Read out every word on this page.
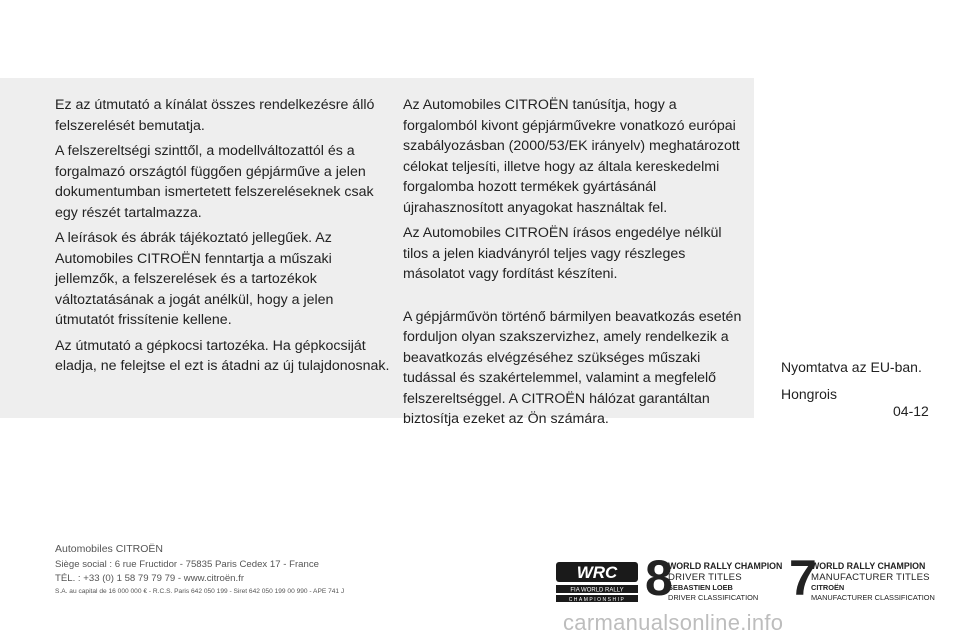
Ez az útmutató a kínálat összes rendelkezésre álló felszerelését bemutatja.

A felszereltségi szinttől, a modellváltozattól és a forgalmazó országtól függően gépjárműve a jelen dokumentumban ismertetett felszereléseknek csak egy részét tartalmazza.

A leírások és ábrák tájékoztató jellegűek. Az Automobiles CITROËN fenntartja a műszaki jellemzők, a felszerelések és a tartozékok változtatásának a jogát anélkül, hogy a jelen útmutatót frissítenie kellene.

Az útmutató a gépkocsi tartozéka. Ha gépkocsiját eladja, ne felejtse el ezt is átadni az új tulajdonosnak.

Az Automobiles CITROËN tanúsítja, hogy a forgalomból kivont gépjárművekre vonatkozó európai szabályozásban (2000/53/EK irányelv) meghatározott célokat teljesíti, illetve hogy az általa kereskedelmi forgalomba hozott termékek gyártásánál újrahasznosított anyagokat használtak fel.

Az Automobiles CITROËN írásos engedélye nélkül tilos a jelen kiadványról teljes vagy részleges másolatot vagy fordítást készíteni.

A gépjárművön történő bármilyen beavatkozás esetén forduljon olyan szakszervizhez, amely rendelkezik a beavatkozás elvégzéséhez szükséges műszaki tudással és szakértelemmel, valamint a megfelelő felszereltséggel. A CITROËN hálózat garantáltan biztosítja ezeket az Ön számára.

Nyomtatva az EU-ban.
Hongrois
04-12
Automobiles CITROËN
Siège social : 6 rue Fructidor - 75835 Paris Cedex 17 - France
TÉL. : +33 (0) 1 58 79 79 79 - www.citroën.fr
S.A. au capital de 16 000 000 € - R.C.S. Paris 642 050 199 - Siret 642 050 199 00 990 - APE 741 J
WRC
FIA WORLD RALLY
CHAMPIONSHIP 8
WORLD RALLY CHAMPION
DRIVER TITLES
SEBASTIEN LOEB
DRIVER CLASSIFICATION 7
WORLD RALLY CHAMPION
MANUFACTURER TITLES
CITROËN
MANUFACTURER CLASSIFICATION
carmanualsonline.info
